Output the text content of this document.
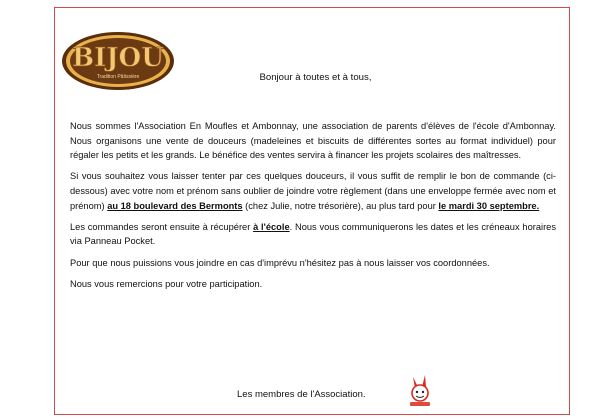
BIJOU
Tradition Pâtissière	Bonjour à toutes et à tous,

Nous sommes l'Association En Moufles et Ambonnay, une association de parents d'élèves de l'école d'Ambonnay. Nous organisons une vente de douceurs (madeleines et biscuits de différentes sortes au format individuel) pour régaler les petits et les grands. Le bénéfice des ventes servira à financer les projets scolaires des maîtresses.

Si vous souhaitez vous laisser tenter par ces quelques douceurs, il vous suffit de remplir le bon de commande (ci-dessous) avec votre nom et prénom sans oublier de joindre votre règlement (dans une enveloppe fermée avec nom et prénom) au 18 boulevard des Bermonts (chez Julie, notre trésorière), au plus tard pour le mardi 30 septembre.

Les commandes seront ensuite à récupérer à l'école. Nous vous communiquerons les dates et les créneaux horaires via Panneau Pocket.

Pour que nous puissions vous joindre en cas d'imprévu n'hésitez pas à nous laisser vos coordonnées.

Nous vous remercions pour votre participation.

Les membres de l'Association.
